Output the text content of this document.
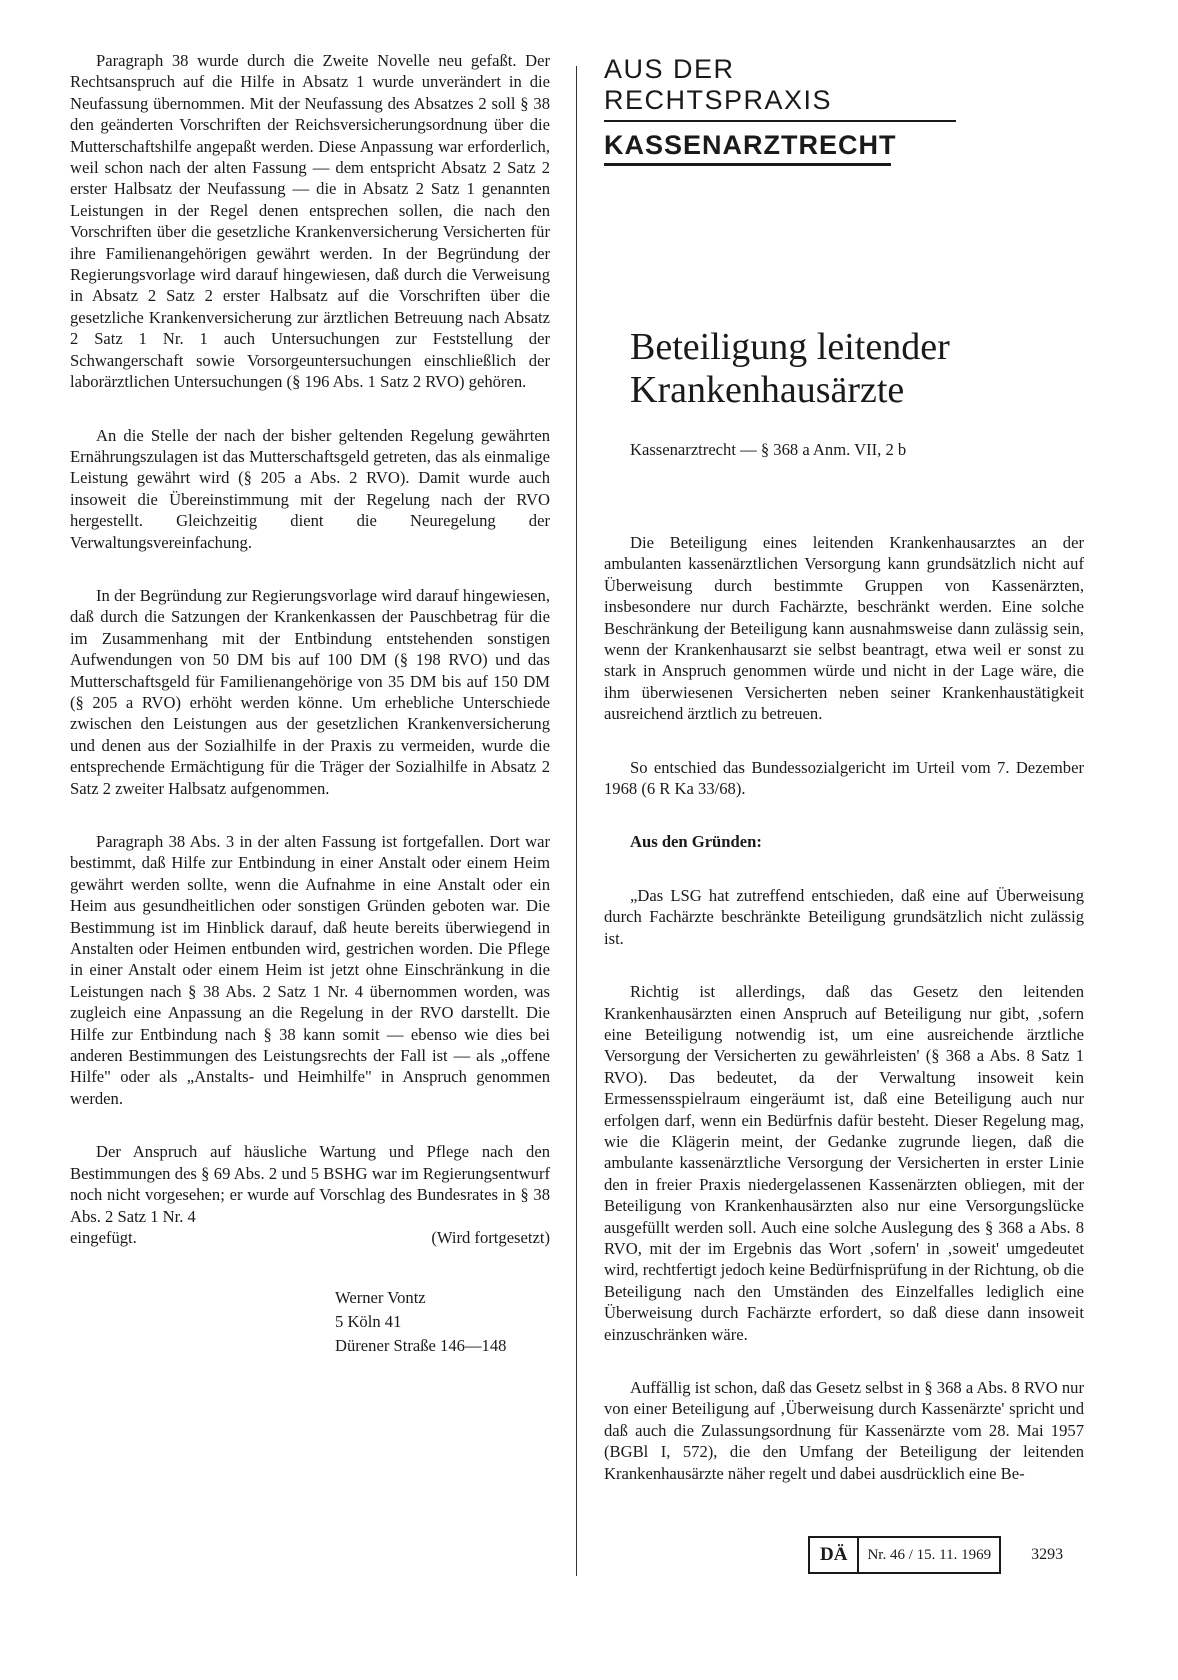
Paragraph 38 wurde durch die Zweite Novelle neu gefaßt. Der Rechtsanspruch auf die Hilfe in Absatz 1 wurde unverändert in die Neufassung übernommen. Mit der Neufassung des Absatzes 2 soll § 38 den geänderten Vorschriften der Reichsversicherungsordnung über die Mutterschaftshilfe angepaßt werden. Diese Anpassung war erforderlich, weil schon nach der alten Fassung — dem entspricht Absatz 2 Satz 2 erster Halbsatz der Neufassung — die in Absatz 2 Satz 1 genannten Leistungen in der Regel denen entsprechen sollen, die nach den Vorschriften über die gesetzliche Krankenversicherung Versicherten für ihre Familienangehörigen gewährt werden. In der Begründung der Regierungsvorlage wird darauf hingewiesen, daß durch die Verweisung in Absatz 2 Satz 2 erster Halbsatz auf die Vorschriften über die gesetzliche Krankenversicherung zur ärztlichen Betreuung nach Absatz 2 Satz 1 Nr. 1 auch Untersuchungen zur Feststellung der Schwangerschaft sowie Vorsorgeuntersuchungen einschließlich der laborärztlichen Untersuchungen (§ 196 Abs. 1 Satz 2 RVO) gehören.

An die Stelle der nach der bisher geltenden Regelung gewährten Ernährungszulagen ist das Mutterschaftsgeld getreten, das als einmalige Leistung gewährt wird (§ 205 a Abs. 2 RVO). Damit wurde auch insoweit die Übereinstimmung mit der Regelung nach der RVO hergestellt. Gleichzeitig dient die Neuregelung der Verwaltungsvereinfachung.

In der Begründung zur Regierungsvorlage wird darauf hingewiesen, daß durch die Satzungen der Krankenkassen der Pauschbetrag für die im Zusammenhang mit der Entbindung entstehenden sonstigen Aufwendungen von 50 DM bis auf 100 DM (§ 198 RVO) und das Mutterschaftsgeld für Familienangehörige von 35 DM bis auf 150 DM (§ 205 a RVO) erhöht werden könne. Um erhebliche Unterschiede zwischen den Leistungen aus der gesetzlichen Krankenversicherung und denen aus der Sozialhilfe in der Praxis zu vermeiden, wurde die entsprechende Ermächtigung für die Träger der Sozialhilfe in Absatz 2 Satz 2 zweiter Halbsatz aufgenommen.

Paragraph 38 Abs. 3 in der alten Fassung ist fortgefallen. Dort war bestimmt, daß Hilfe zur Entbindung in einer Anstalt oder einem Heim gewährt werden sollte, wenn die Aufnahme in eine Anstalt oder ein Heim aus gesundheitlichen oder sonstigen Gründen geboten war. Die Bestimmung ist im Hinblick darauf, daß heute bereits überwiegend in Anstalten oder Heimen entbunden wird, gestrichen worden. Die Pflege in einer Anstalt oder einem Heim ist jetzt ohne Einschränkung in die Leistungen nach § 38 Abs. 2 Satz 1 Nr. 4 übernommen worden, was zugleich eine Anpassung an die Regelung in der RVO darstellt. Die Hilfe zur Entbindung nach § 38 kann somit — ebenso wie dies bei anderen Bestimmungen des Leistungsrechts der Fall ist — als „offene Hilfe" oder als „Anstalts- und Heimhilfe" in Anspruch genommen werden.

Der Anspruch auf häusliche Wartung und Pflege nach den Bestimmungen des § 69 Abs. 2 und 5 BSHG war im Regierungsentwurf noch nicht vorgesehen; er wurde auf Vorschlag des Bundesrates in § 38 Abs. 2 Satz 1 Nr. 4

eingefügt.	(Wird fortgesetzt)
Werner Vontz
5 Köln 41
Dürener Straße 146—148
AUS DER RECHTSPRAXIS
KASSENARZTRECHT
Beteiligung leitender
Krankenhausärzte
Kassenarztrecht — § 368 a Anm. VII, 2 b

Die Beteiligung eines leitenden Krankenhausarztes an der ambulanten kassenärztlichen Versorgung kann grundsätzlich nicht auf Überweisung durch bestimmte Gruppen von Kassenärzten, insbesondere nur durch Fachärzte, beschränkt werden. Eine solche Beschränkung der Beteiligung kann ausnahmsweise dann zulässig sein, wenn der Krankenhausarzt sie selbst beantragt, etwa weil er sonst zu stark in Anspruch genommen würde und nicht in der Lage wäre, die ihm überwiesenen Versicherten neben seiner Krankenhaustätigkeit ausreichend ärztlich zu betreuen.

So entschied das Bundessozialgericht im Urteil vom 7. Dezember 1968 (6 R Ka 33/68).

Aus den Gründen:

„Das LSG hat zutreffend entschieden, daß eine auf Überweisung durch Fachärzte beschränkte Beteiligung grundsätzlich nicht zulässig ist.

Richtig ist allerdings, daß das Gesetz den leitenden Krankenhausärzten einen Anspruch auf Beteiligung nur gibt, ‚sofern eine Beteiligung notwendig ist, um eine ausreichende ärztliche Versorgung der Versicherten zu gewährleisten' (§ 368 a Abs. 8 Satz 1 RVO). Das bedeutet, da der Verwaltung insoweit kein Ermessensspielraum eingeräumt ist, daß eine Beteiligung auch nur erfolgen darf, wenn ein Bedürfnis dafür besteht. Dieser Regelung mag, wie die Klägerin meint, der Gedanke zugrunde liegen, daß die ambulante kassenärztliche Versorgung der Versicherten in erster Linie den in freier Praxis niedergelassenen Kassenärzten obliegen, mit der Beteiligung von Krankenhausärzten also nur eine Versorgungslücke ausgefüllt werden soll. Auch eine solche Auslegung des § 368 a Abs. 8 RVO, mit der im Ergebnis das Wort ‚sofern' in ‚soweit' umgedeutet wird, rechtfertigt jedoch keine Bedürfnisprüfung in der Richtung, ob die Beteiligung nach den Umständen des Einzelfalles lediglich eine Überweisung durch Fachärzte erfordert, so daß diese dann insoweit einzuschränken wäre.

Auffällig ist schon, daß das Gesetz selbst in § 368 a Abs. 8 RVO nur von einer Beteiligung auf ‚Überweisung durch Kassenärzte' spricht und daß auch die Zulassungsordnung für Kassenärzte vom 28. Mai 1957 (BGBl I, 572), die den Umfang der Beteiligung der leitenden Krankenhausärzte näher regelt und dabei ausdrücklich eine Be-

DÄ	Nr. 46 / 15. 11. 1969	3293
